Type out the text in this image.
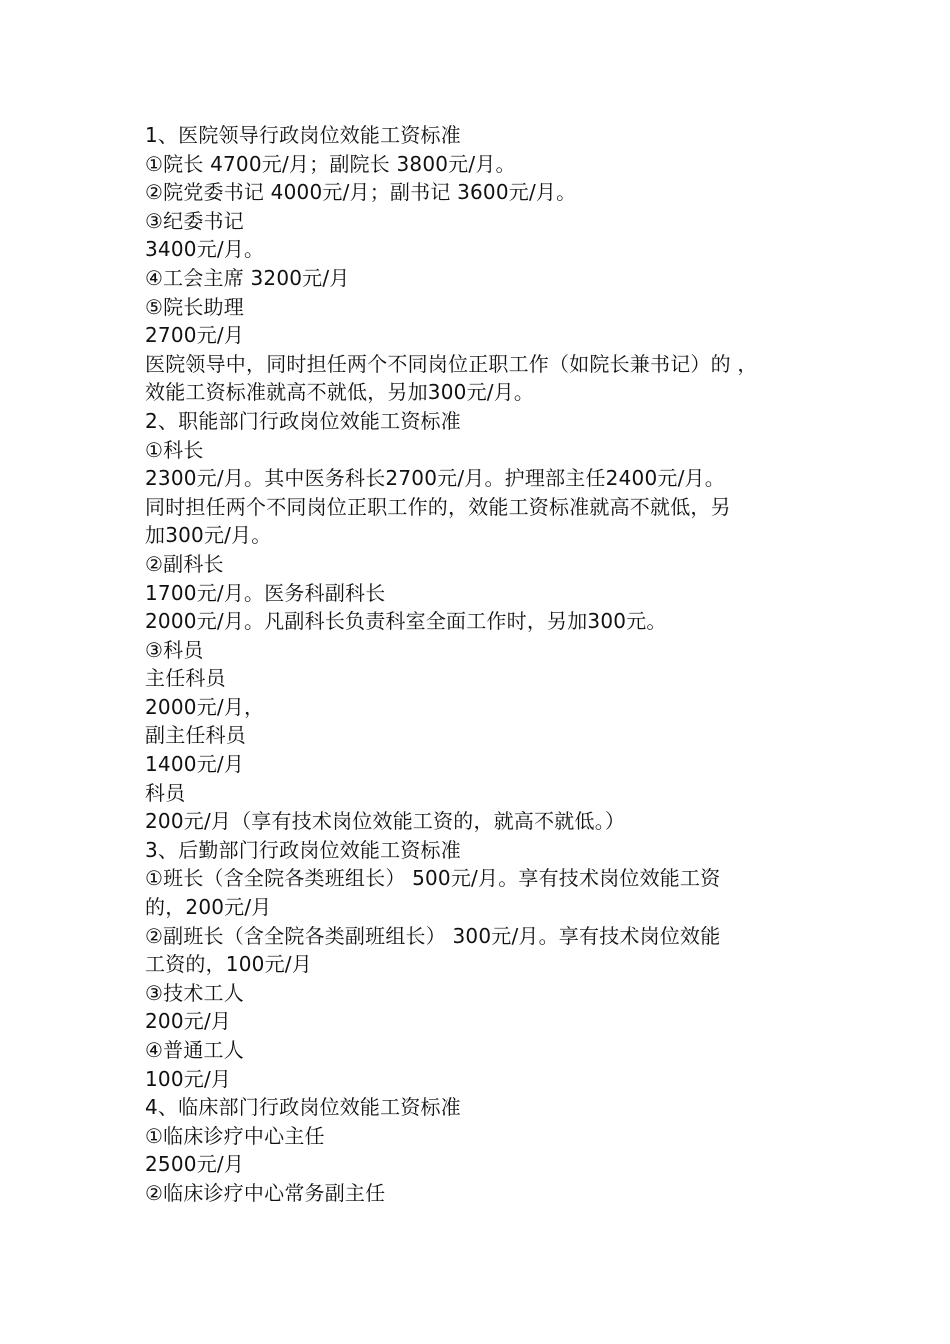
1、医院领导行政岗位效能工资标准
①院长 4700元/月；副院长 3800元/月。
②院党委书记 4000元/月；副书记 3600元/月。
③纪委书记
3400元/月。
④工会主席 3200元/月
⑤院长助理
2700元/月
医院领导中，同时担任两个不同岗位正职工作（如院长兼书记）的 ，
效能工资标准就高不就低，另加300元/月。
2、职能部门行政岗位效能工资标准
①科长
2300元/月。其中医务科长2700元/月。护理部主任2400元/月。
同时担任两个不同岗位正职工作的，效能工资标准就高不就低，另
加300元/月。
②副科长
1700元/月。医务科副科长
2000元/月。凡副科长负责科室全面工作时，另加300元。
③科员
主任科员
2000元/月，
副主任科员
1400元/月
科员
200元/月（享有技术岗位效能工资的，就高不就低。）
3、后勤部门行政岗位效能工资标准
①班长（含全院各类班组长） 500元/月。享有技术岗位效能工资
的，200元/月
②副班长（含全院各类副班组长） 300元/月。享有技术岗位效能
工资的，100元/月
③技术工人
200元/月
④普通工人
100元/月
4、临床部门行政岗位效能工资标准
①临床诊疗中心主任
2500元/月
②临床诊疗中心常务副主任
